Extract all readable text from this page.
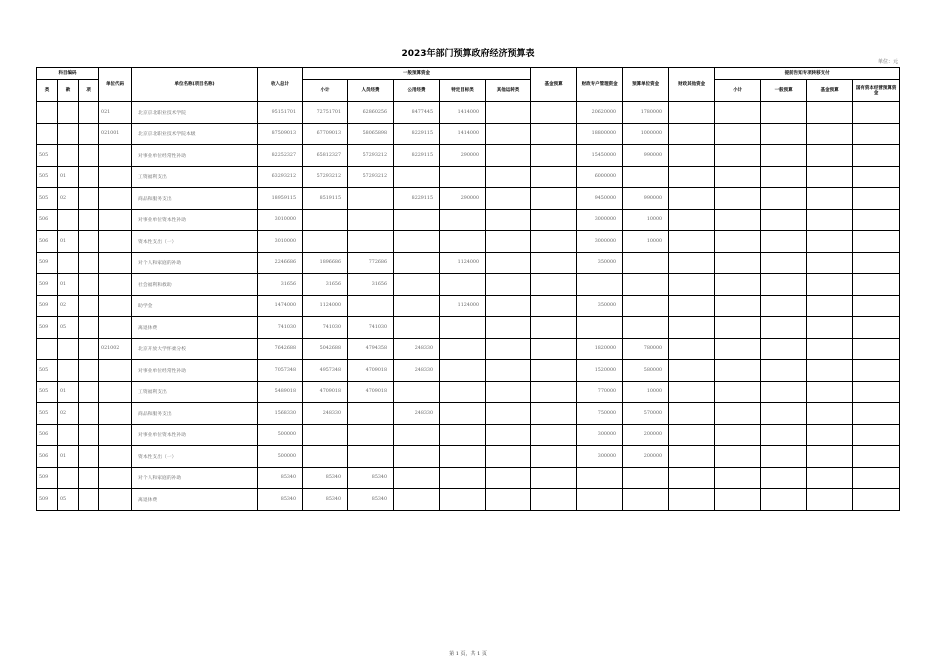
2023年部门预算政府经济预算表
单位：元
科目编码			单位代码	单位名称(项目名称)	收入总计	一般预算资金					基金预算	财政专户管理资金	预算单位资金	财政其他资金	提前告知专项转移支付			
类	款	项				小计	人员经费	公用经费	特定目标类	其他运转类					小计	一般预算	基金预算	国有资本经营预算资金
			021	北京京北职业技术学院	95151701	72751701	62860256	8477445	1414000			20620000	1780000					
			021001	北京京北职业技术学院本级	87509013	67709013	58065898	8229115	1414000			18800000	1000000					
505				对事业单位经常性补助	82252327	65812327	57293212	8229115	290000			15450000	990000					
505	01			工资福利支出	63293212	57293212	57293212					6000000						
505	02			商品和服务支出	18959115	8519115		8229115	290000			9450000	990000					
506				对事业单位资本性补助	3010000							3000000	10000					
506	01			资本性支出（一）	3010000							3000000	10000					
509				对个人和家庭的补助	2246686	1896686	772686		1124000			350000						
509	01			社会福利和救助	31656	31656	31656											
509	02			助学金	1474000	1124000			1124000			350000						
509	05			离退休费	741030	741030	741030											
			021002	北京开放大学怀柔分校	7642688	5042688	4794358	248330				1820000	780000					
505				对事业单位经常性补助	7057348	4957348	4709018	248330				1520000	580000					
505	01			工资福利支出	5489018	4709018	4709018					770000	10000					
505	02			商品和服务支出	1568330	248330		248330				750000	570000					
506				对事业单位资本性补助	500000							300000	200000					
506	01			资本性支出（一）	500000							300000	200000					
509				对个人和家庭的补助	85340	85340	85340											
509	05			离退休费	85340	85340	85340											
第 1 页，共 1 页
